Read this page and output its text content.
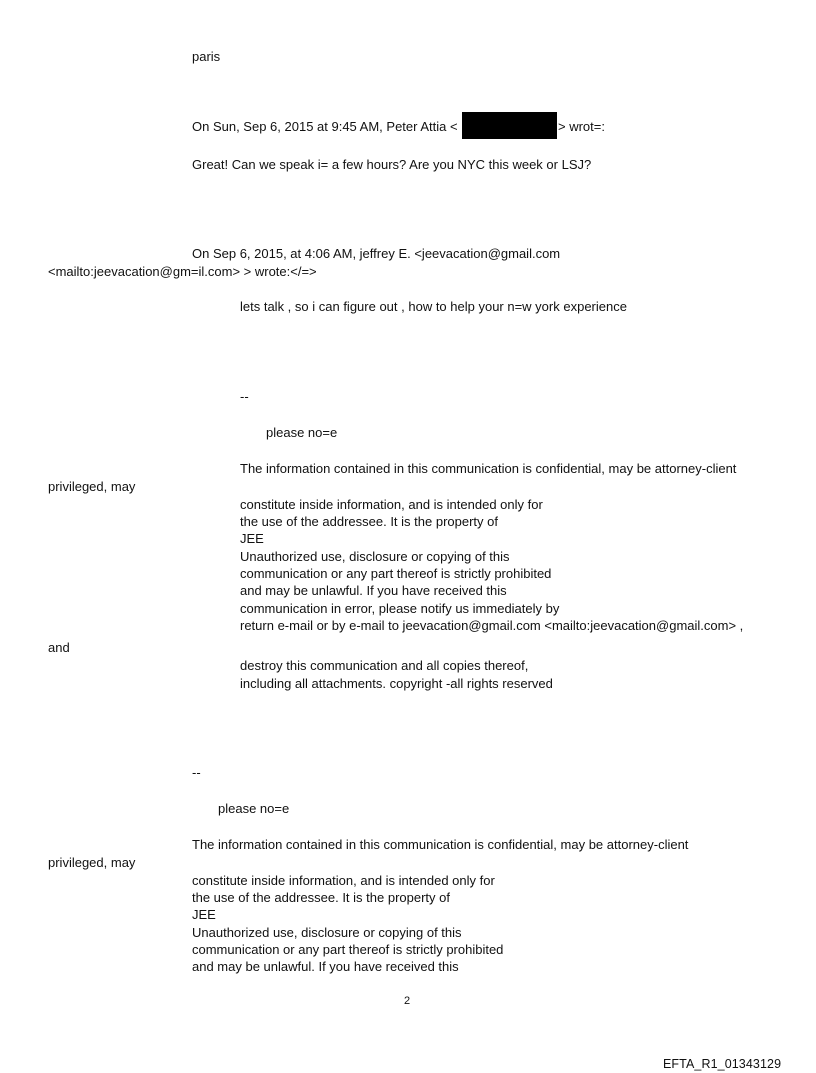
paris
On Sun, Sep 6, 2015 at 9:45 AM, Peter Attia <	> wrot=:
Great! Can we speak i= a few hours? Are you NYC this week or LSJ?
On Sep 6, 2015, at 4:06 AM, jeffrey E. <jeevacation@gmail.com
<mailto:jeevacation@gm=il.com> > wrote:</=>
lets talk , so i can figure out , how to help your n=w york experience
--
please no=e
The information contained in this communication is confidential, may be attorney-client
privileged, may
constitute inside information, and is intended only for
the use of the addressee. It is the property of
JEE
Unauthorized use, disclosure or copying of this
communication or any part thereof is strictly prohibited
and may be unlawful. If you have received this
communication in error, please notify us immediately by
return e-mail or by e-mail to jeevacation@gmail.com <mailto:jeevacation@gmail.com> ,
and
destroy this communication and all copies thereof,
including all attachments. copyright -all rights reserved
--
please no=e
The information contained in this communication is confidential, may be attorney-client
privileged, may
constitute inside information, and is intended only for
the use of the addressee. It is the property of
JEE
Unauthorized use, disclosure or copying of this
communication or any part thereof is strictly prohibited
and may be unlawful. If you have received this
2
EFTA_R1_01343129
